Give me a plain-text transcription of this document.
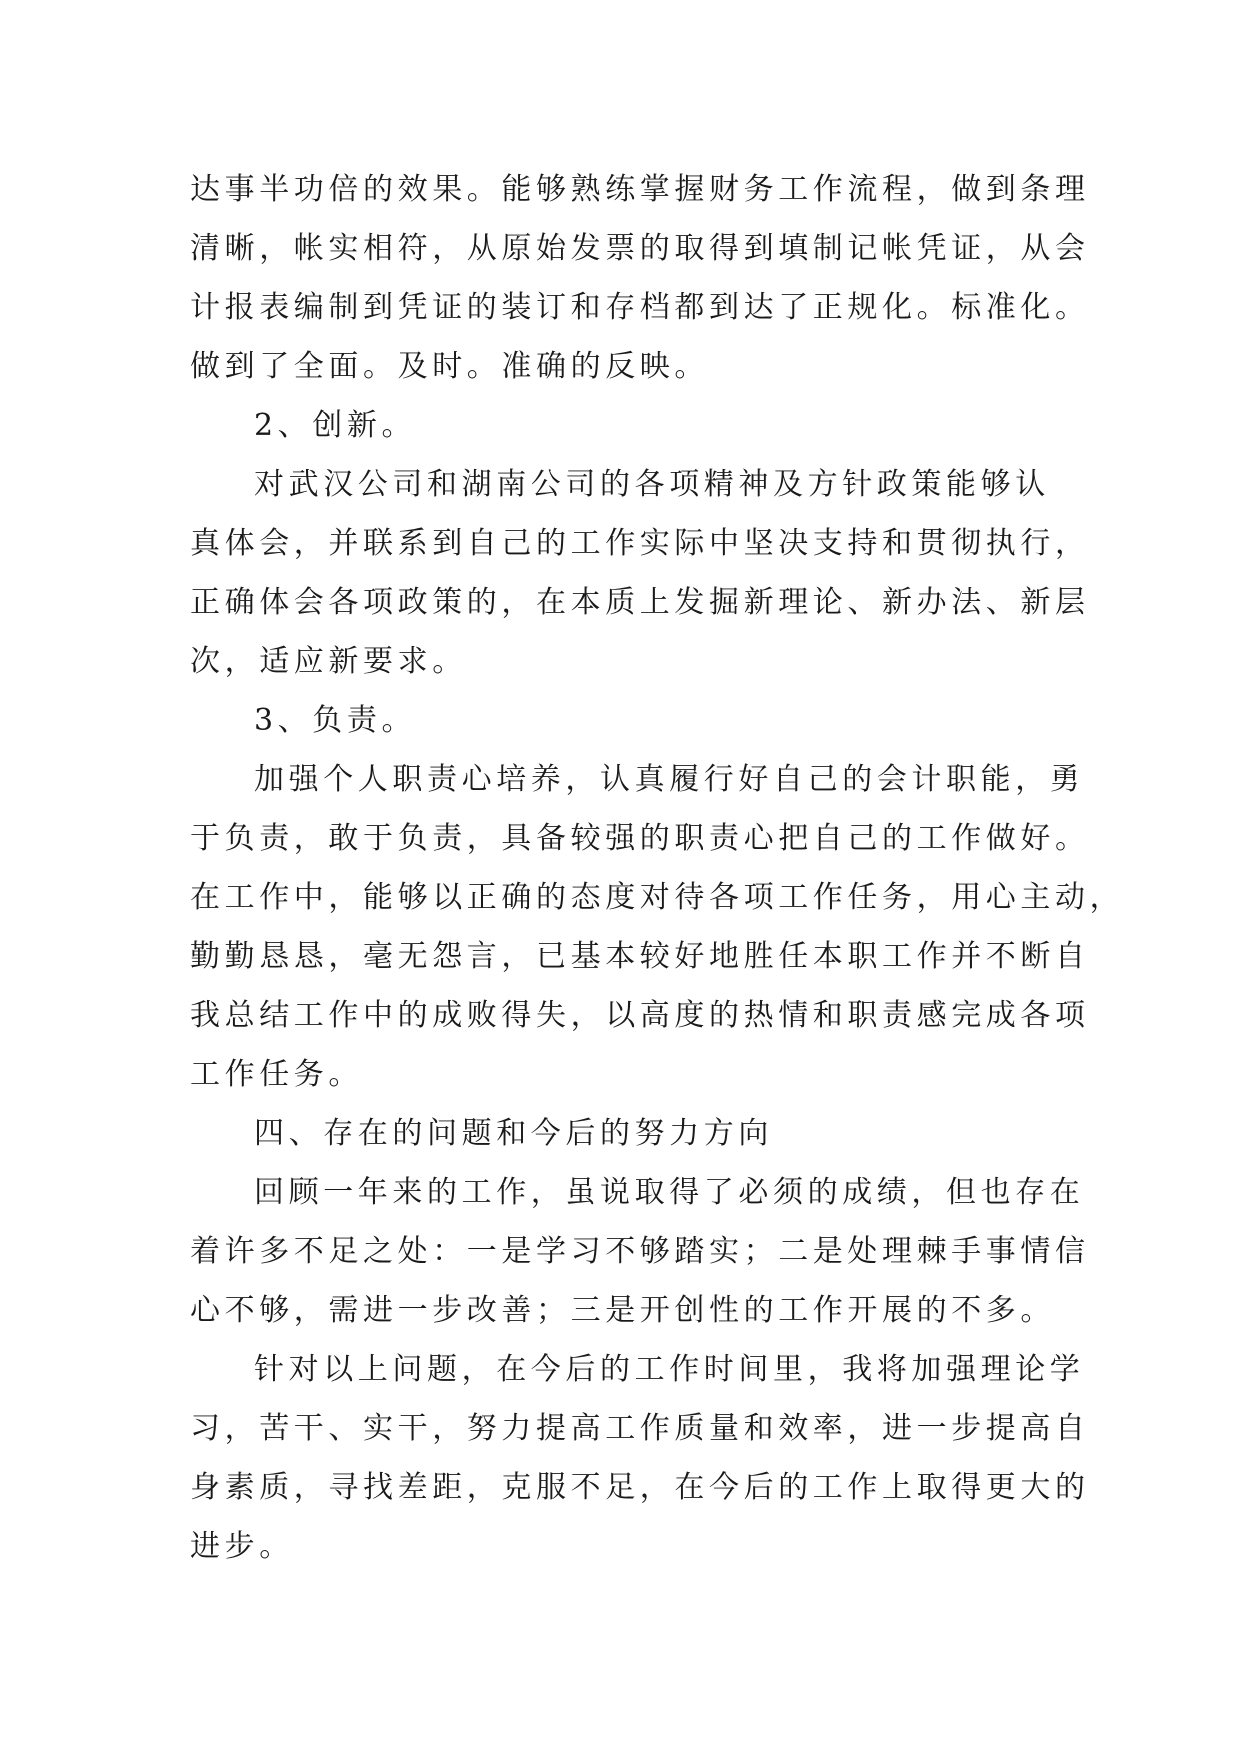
达事半功倍的效果。能够熟练掌握财务工作流程，做到条理
清晰，帐实相符，从原始发票的取得到填制记帐凭证，从会
计报表编制到凭证的装订和存档都到达了正规化。标准化。
做到了全面。及时。准确的反映。
2、创新。
对武汉公司和湖南公司的各项精神及方针政策能够认
真体会，并联系到自己的工作实际中坚决支持和贯彻执行，
正确体会各项政策的，在本质上发掘新理论、新办法、新层
次，适应新要求。
3、负责。
加强个人职责心培养，认真履行好自己的会计职能，勇
于负责，敢于负责，具备较强的职责心把自己的工作做好。
在工作中，能够以正确的态度对待各项工作任务，用心主动，
勤勤恳恳，毫无怨言，已基本较好地胜任本职工作并不断自
我总结工作中的成败得失，以高度的热情和职责感完成各项
工作任务。
四、存在的问题和今后的努力方向
回顾一年来的工作，虽说取得了必须的成绩，但也存在
着许多不足之处：一是学习不够踏实；二是处理棘手事情信
心不够，需进一步改善；三是开创性的工作开展的不多。
针对以上问题，在今后的工作时间里，我将加强理论学
习，苦干、实干，努力提高工作质量和效率，进一步提高自
身素质，寻找差距，克服不足，在今后的工作上取得更大的
进步。
